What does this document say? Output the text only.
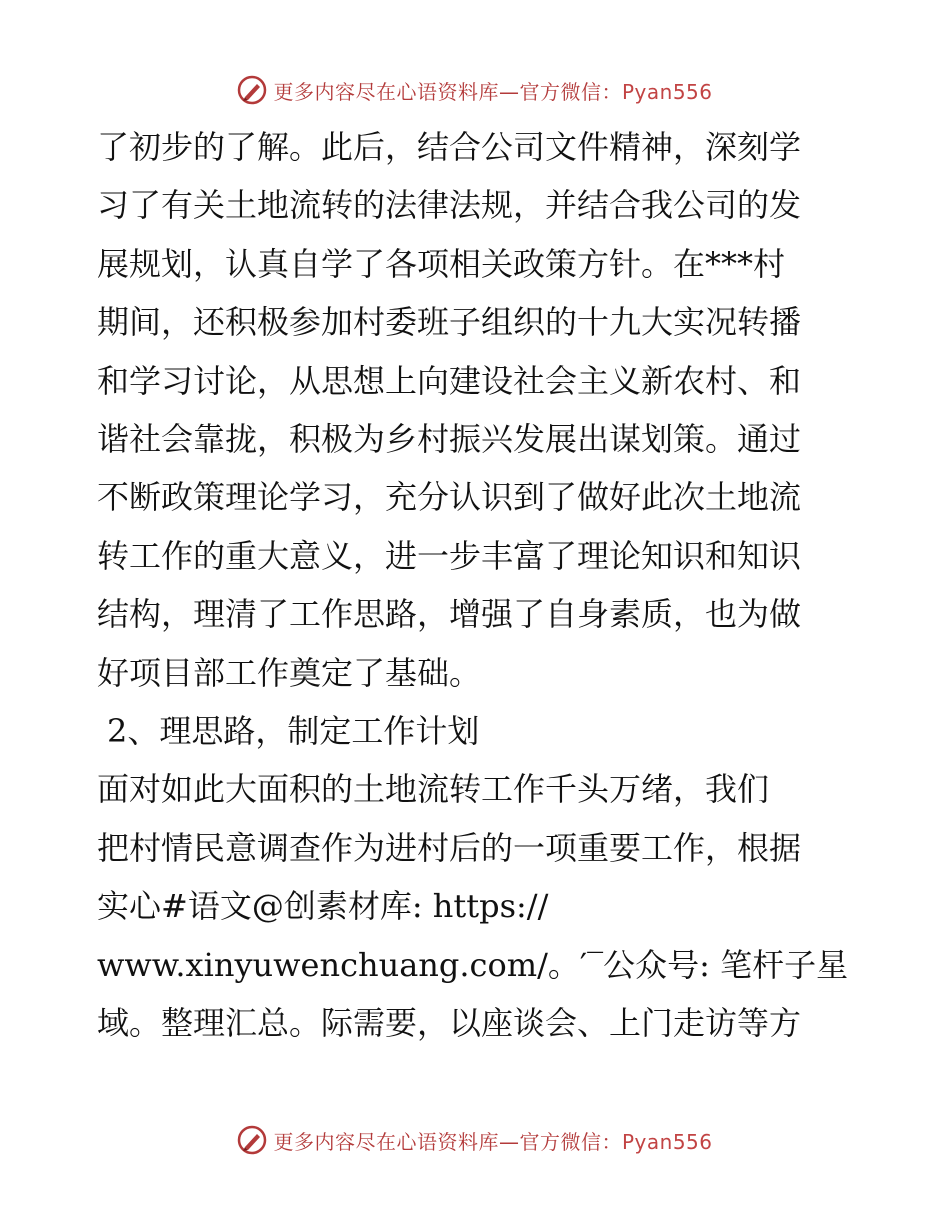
更多内容尽在心语资料库—官方微信：Pyan556

了初步的了解。此后，结合公司文件精神，深刻学
习了有关土地流转的法律法规，并结合我公司的发
展规划，认真自学了各项相关政策方针。在***村
期间，还积极参加村委班子组织的十九大实况转播
和学习讨论，从思想上向建设社会主义新农村、和
谐社会靠拢，积极为乡村振兴发展出谋划策。通过
不断政策理论学习，充分认识到了做好此次土地流
转工作的重大意义，进一步丰富了理论知识和知识
结构，理清了工作思路，增强了自身素质，也为做
好项目部工作奠定了基础。

2、理思路，制定工作计划

面对如此大面积的土地流转工作千头万绪，我们
把村情民意调查作为进村后的一项重要工作，根据
实心#语文@创素材库: https://
www.xinyuwenchuang.com/。′‾公众号: 笔杆子星
域。整理汇总。际需要，以座谈会、上门走访等方

更多内容尽在心语资料库—官方微信：Pyan556
